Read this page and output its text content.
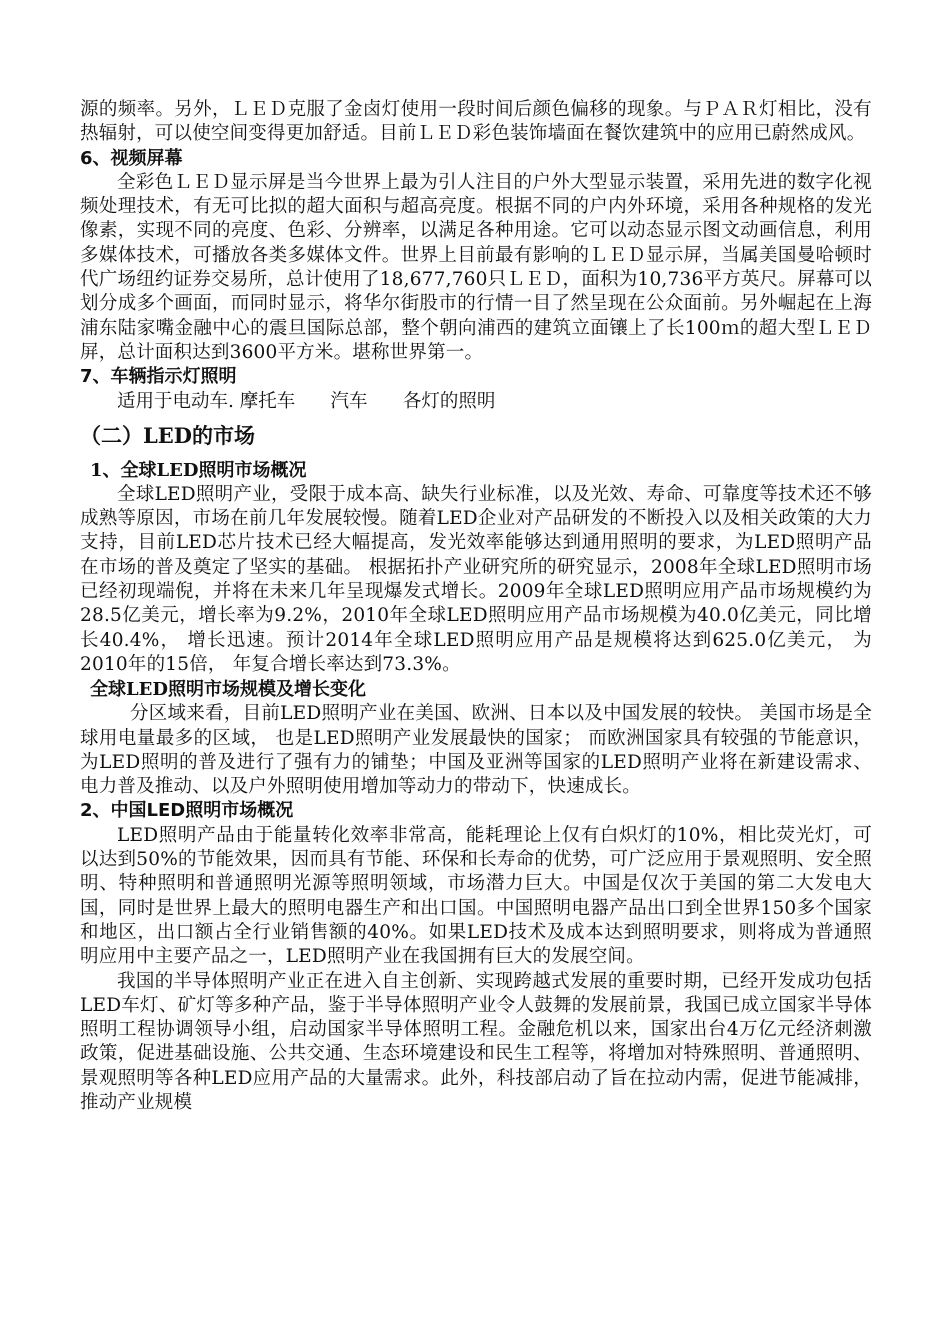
源的频率。另外，ＬＥＤ克服了金卤灯使用一段时间后颜色偏移的现象。与ＰＡＲ灯相比，没有热辐射，可以使空间变得更加舒适。目前ＬＥＤ彩色装饰墙面在餐饮建筑中的应用已蔚然成风。

6、视频屏幕

全彩色ＬＥＤ显示屏是当今世界上最为引人注目的户外大型显示装置，采用先进的数字化视频处理技术，有无可比拟的超大面积与超高亮度。根据不同的户内外环境，采用各种规格的发光像素，实现不同的亮度、色彩、分辨率，以满足各种用途。它可以动态显示图文动画信息，利用多媒体技术，可播放各类多媒体文件。世界上目前最有影响的ＬＥＤ显示屏，当属美国曼哈顿时代广场纽约证券交易所，总计使用了18,677,760只ＬＥＤ，面积为10,736平方英尺。屏幕可以划分成多个画面，而同时显示，将华尔街股市的行情一目了然呈现在公众面前。另外崛起在上海浦东陆家嘴金融中心的震旦国际总部，整个朝向浦西的建筑立面镶上了长100ｍ的超大型ＬＥＤ屏，总计面积达到3600平方米。堪称世界第一。

7、车辆指示灯照明

适用于电动车. 摩托车      汽车      各灯的照明

（二）LED的市场

1、全球LED照明市场概况

全球LED照明产业，受限于成本高、缺失行业标准，以及光效、寿命、可靠度等技术还不够成熟等原因，市场在前几年发展较慢。随着LED企业对产品研发的不断投入以及相关政策的大力支持，目前LED芯片技术已经大幅提高，发光效率能够达到通用照明的要求，为LED照明产品在市场的普及奠定了坚实的基础。 根据拓扑产业研究所的研究显示，2008年全球LED照明市场已经初现端倪，并将在未来几年呈现爆发式增长。2009年全球LED照明应用产品市场规模约为28.5亿美元，增长率为9.2%，2010年全球LED照明应用产品市场规模为40.0亿美元，同比增长40.4%， 增长迅速。预计2014年全球LED照明应用产品是规模将达到625.0亿美元， 为2010年的15倍， 年复合增长率达到73.3%。

全球LED照明市场规模及增长变化

分区域来看，目前LED照明产业在美国、欧洲、日本以及中国发展的较快。 美国市场是全球用电量最多的区域， 也是LED照明产业发展最快的国家； 而欧洲国家具有较强的节能意识，为LED照明的普及进行了强有力的铺垫；中国及亚洲等国家的LED照明产业将在新建设需求、电力普及推动、以及户外照明使用增加等动力的带动下，快速成长。

2、中国LED照明市场概况

LED照明产品由于能量转化效率非常高，能耗理论上仅有白炽灯的10%，相比荧光灯，可以达到50%的节能效果，因而具有节能、环保和长寿命的优势，可广泛应用于景观照明、安全照明、特种照明和普通照明光源等照明领域，市场潜力巨大。中国是仅次于美国的第二大发电大国，同时是世界上最大的照明电器生产和出口国。中国照明电器产品出口到全世界150多个国家和地区，出口额占全行业销售额的40%。如果LED技术及成本达到照明要求，则将成为普通照明应用中主要产品之一，LED照明产业在我国拥有巨大的发展空间。

我国的半导体照明产业正在进入自主创新、实现跨越式发展的重要时期，已经开发成功包括LED车灯、矿灯等多种产品，鉴于半导体照明产业令人鼓舞的发展前景，我国已成立国家半导体照明工程协调领导小组，启动国家半导体照明工程。金融危机以来，国家出台4万亿元经济刺激政策，促进基础设施、公共交通、生态环境建设和民生工程等，将增加对特殊照明、普通照明、景观照明等各种LED应用产品的大量需求。此外，科技部启动了旨在拉动内需，促进节能减排，推动产业规模
